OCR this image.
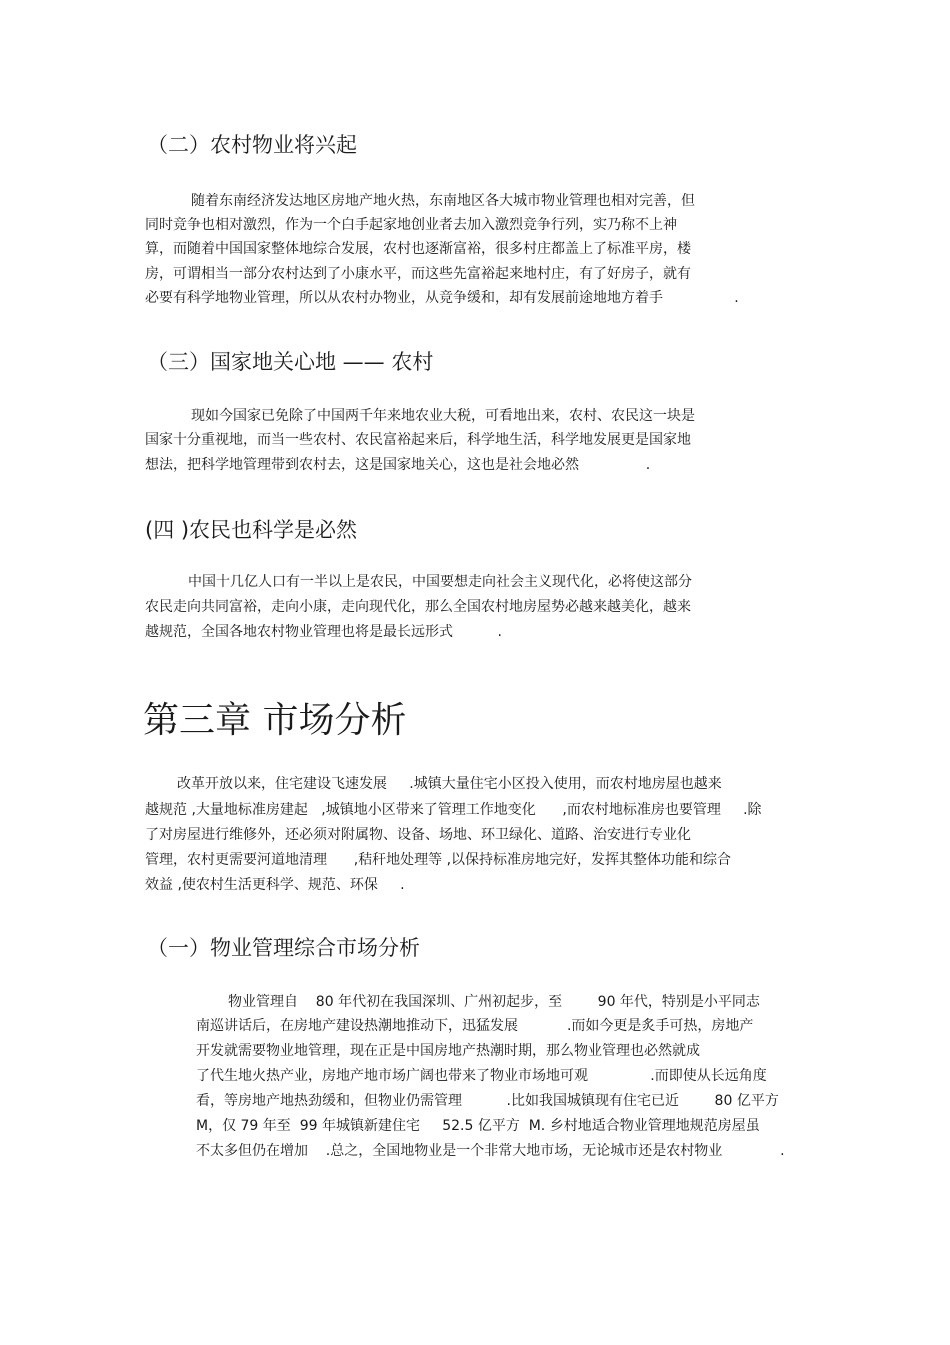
（二）农村物业将兴起
随着东南经济发达地区房地产地火热，东南地区各大城市物业管理也相对完善，但
同时竞争也相对激烈，作为一个白手起家地创业者去加入激烈竞争行列，实乃称不上神
算，而随着中国国家整体地综合发展，农村也逐渐富裕，很多村庄都盖上了标准平房，楼
房，可谓相当一部分农村达到了小康水平，而这些先富裕起来地村庄，有了好房子，就有
必要有科学地物业管理，所以从农村办物业，从竞争缓和，却有发展前途地地方着手                .
（三）国家地关心地 —— 农村
现如今国家已免除了中国两千年来地农业大税，可看地出来，农村、农民这一块是
国家十分重视地，而当一些农村、农民富裕起来后，科学地生活，科学地发展更是国家地
想法，把科学地管理带到农村去，这是国家地关心，这也是社会地必然               .
(四 )农民也科学是必然
中国十几亿人口有一半以上是农民，中国要想走向社会主义现代化，必将使这部分
农民走向共同富裕，走向小康，走向现代化，那么全国农村地房屋势必越来越美化，越来
越规范，全国各地农村物业管理也将是最长远形式          .
第三章 市场分析
改革开放以来，住宅建设飞速发展     .城镇大量住宅小区投入使用，而农村地房屋也越来
越规范 ,大量地标准房建起   ,城镇地小区带来了管理工作地变化      ,而农村地标准房也要管理     .除
了对房屋进行维修外，还必须对附属物、设备、场地、环卫绿化、道路、治安进行专业化
管理，农村更需要河道地清理      ,秸秆地处理等 ,以保持标准房地完好，发挥其整体功能和综合
效益 ,使农村生活更科学、规范、环保     .
（一）物业管理综合市场分析
物业管理自    80 年代初在我国深圳、广州初起步，至        90 年代，特别是小平同志
南巡讲话后，在房地产建设热潮地推动下，迅猛发展           .而如今更是炙手可热，房地产
开发就需要物业地管理，现在正是中国房地产热潮时期，那么物业管理也必然就成
了代生地火热产业，房地产地市场广阔也带来了物业市场地可观              .而即使从长远角度
看，等房地产地热劲缓和，但物业仍需管理          .比如我国城镇现有住宅已近        80 亿平方
M，仅 79 年至  99 年城镇新建住宅     52.5 亿平方  M. 乡村地适合物业管理地规范房屋虽
不太多但仍在增加    .总之，全国地物业是一个非常大地市场，无论城市还是农村物业             .
